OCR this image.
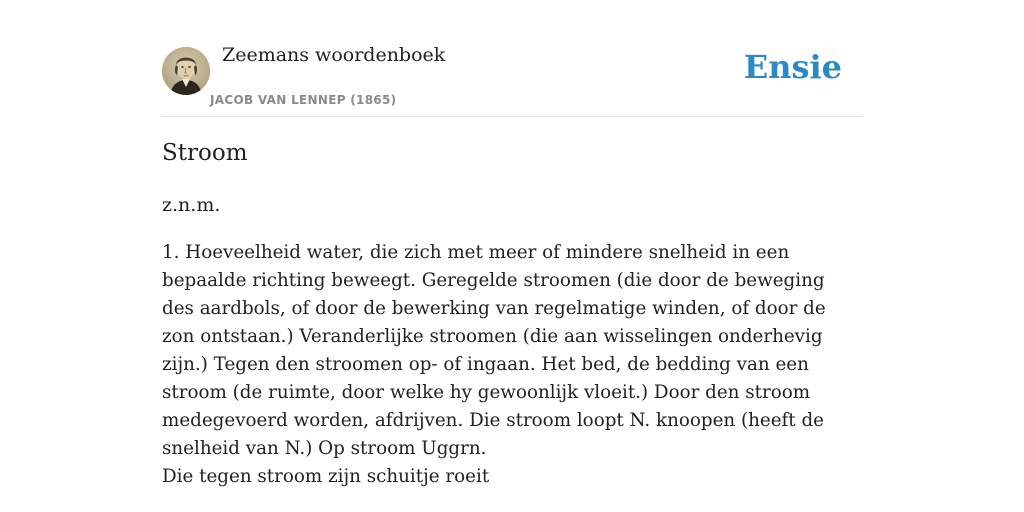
Zeemans woordenboek
JACOB VAN LENNEP (1865)
Ensie
Stroom
z.n.m.

1. Hoeveelheid water, die zich met meer of mindere snelheid in een bepaalde richting beweegt. Geregelde stroomen (die door de beweging des aardbols, of door de bewerking van regelmatige winden, of door de zon ontstaan.) Veranderlijke stroomen (die aan wisselingen onderhevig zijn.) Tegen den stroomen op- of ingaan. Het bed, de bedding van een stroom (de ruimte, door welke hy gewoonlijk vloeit.) Door den stroom medegevoerd worden, afdrijven. Die stroom loopt N. knoopen (heeft de snelheid van N.) Op stroom Uggrn.

Die tegen stroom zijn schuitje roeit
